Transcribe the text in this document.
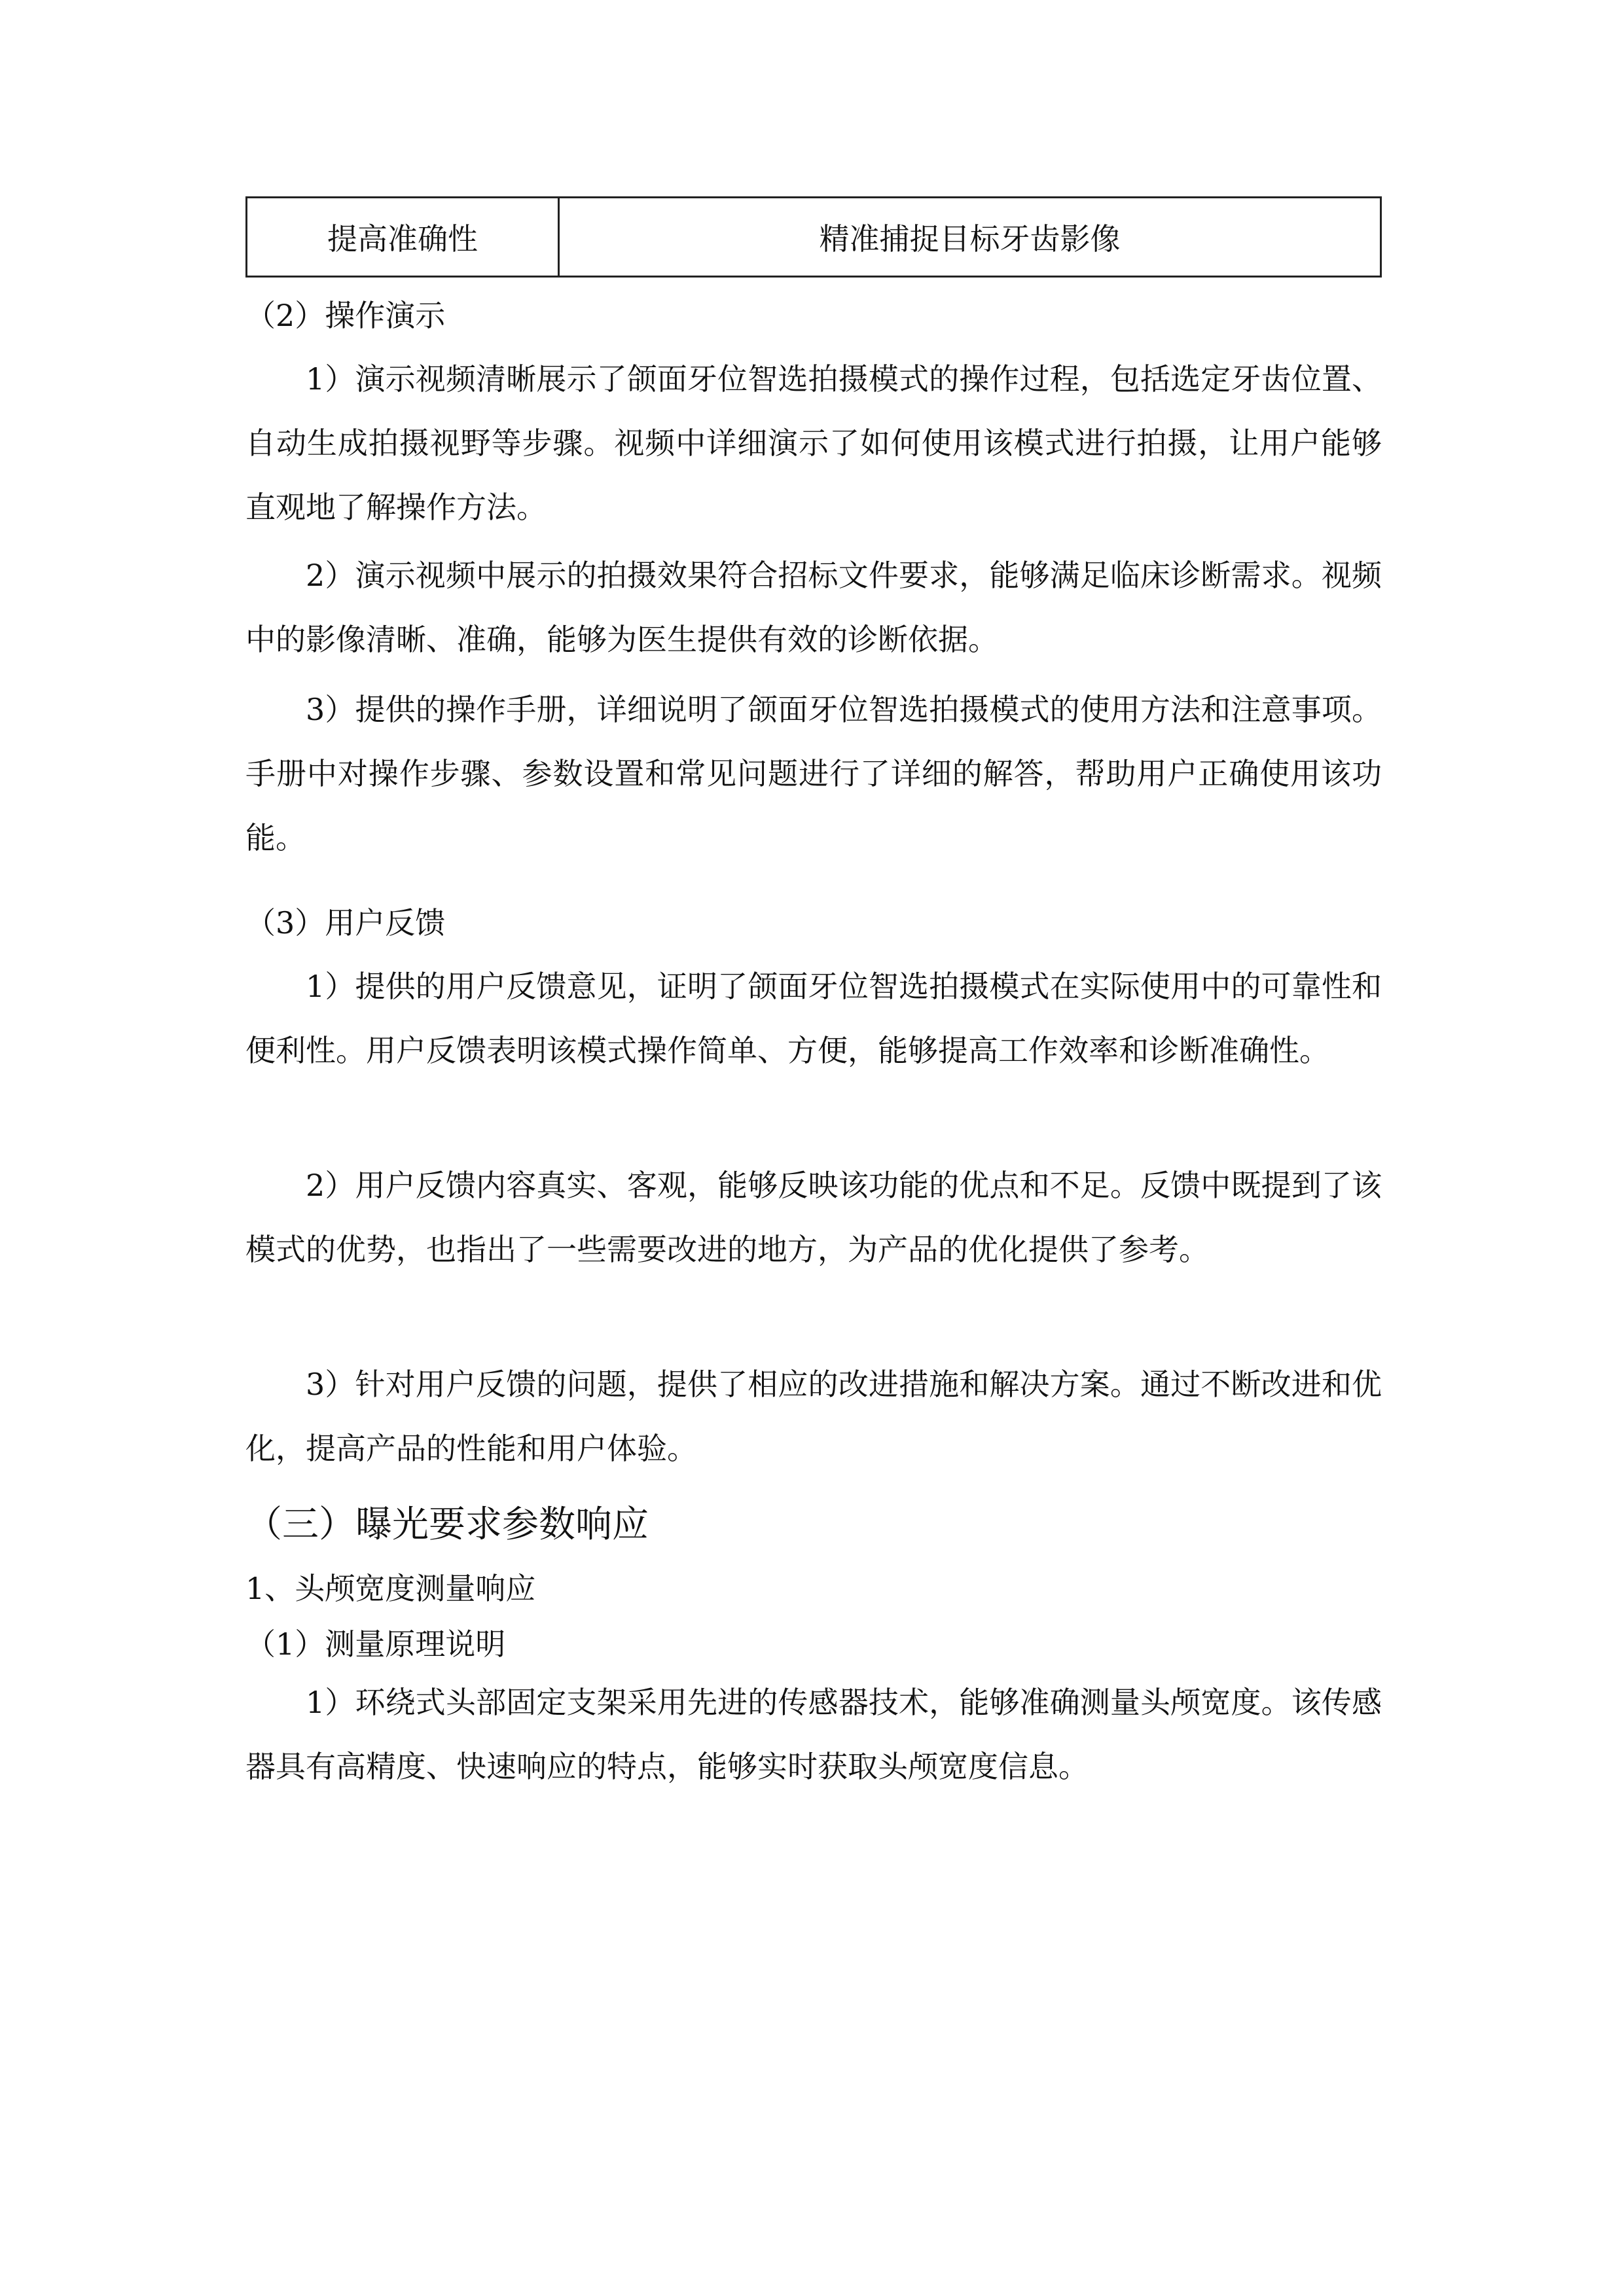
提高准确性	精准捕捉目标牙齿影像
（2）操作演示

1）演示视频清晰展示了颌面牙位智选拍摄模式的操作过程，包括选定牙齿位置、自动生成拍摄视野等步骤。视频中详细演示了如何使用该模式进行拍摄，让用户能够直观地了解操作方法。

2）演示视频中展示的拍摄效果符合招标文件要求，能够满足临床诊断需求。视频中的影像清晰、准确，能够为医生提供有效的诊断依据。

3）提供的操作手册，详细说明了颌面牙位智选拍摄模式的使用方法和注意事项。手册中对操作步骤、参数设置和常见问题进行了详细的解答，帮助用户正确使用该功能。

（3）用户反馈

1）提供的用户反馈意见，证明了颌面牙位智选拍摄模式在实际使用中的可靠性和便利性。用户反馈表明该模式操作简单、方便，能够提高工作效率和诊断准确性。

2）用户反馈内容真实、客观，能够反映该功能的优点和不足。反馈中既提到了该模式的优势，也指出了一些需要改进的地方，为产品的优化提供了参考。

3）针对用户反馈的问题，提供了相应的改进措施和解决方案。通过不断改进和优化，提高产品的性能和用户体验。

（三）曝光要求参数响应
1、头颅宽度测量响应
（1）测量原理说明

1）环绕式头部固定支架采用先进的传感器技术，能够准确测量头颅宽度。该传感器具有高精度、快速响应的特点，能够实时获取头颅宽度信息。
